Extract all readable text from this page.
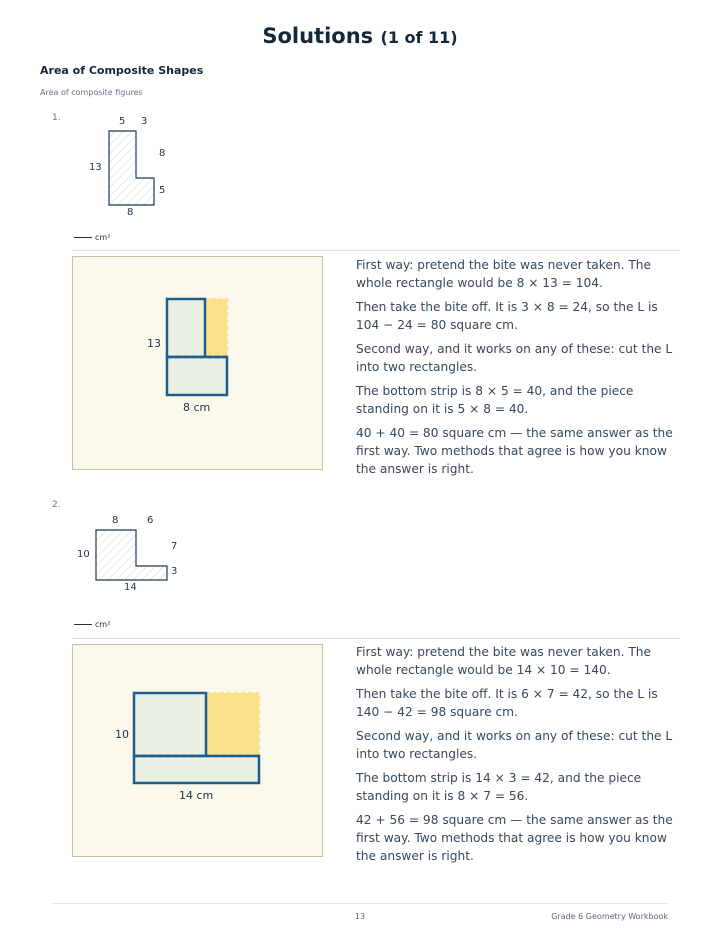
Solutions (1 of 11)
Area of Composite Shapes
Area of composite figures
1.	5 3
13
8
5
8
cm²
13
8 cm

First way: pretend the bite was never taken. The whole rectangle would be 8 × 13 = 104.

Then take the bite off. It is 3 × 8 = 24, so the L is 104 − 24 = 80 square cm.

Second way, and it works on any of these: cut the L into two rectangles.

The bottom strip is 8 × 5 = 40, and the piece standing on it is 5 × 8 = 40.

40 + 40 = 80 square cm — the same answer as the first way. Two methods that agree is how you know the answer is right.

2.
8	6
10
7
3
14
cm²
10
14 cm

First way: pretend the bite was never taken. The whole rectangle would be 14 × 10 = 140.

Then take the bite off. It is 6 × 7 = 42, so the L is 140 − 42 = 98 square cm.

Second way, and it works on any of these: cut the L into two rectangles.

The bottom strip is 14 × 3 = 42, and the piece standing on it is 8 × 7 = 56.

42 + 56 = 98 square cm — the same answer as the first way. Two methods that agree is how you know the answer is right.

13	Grade 6 Geometry Workbook
